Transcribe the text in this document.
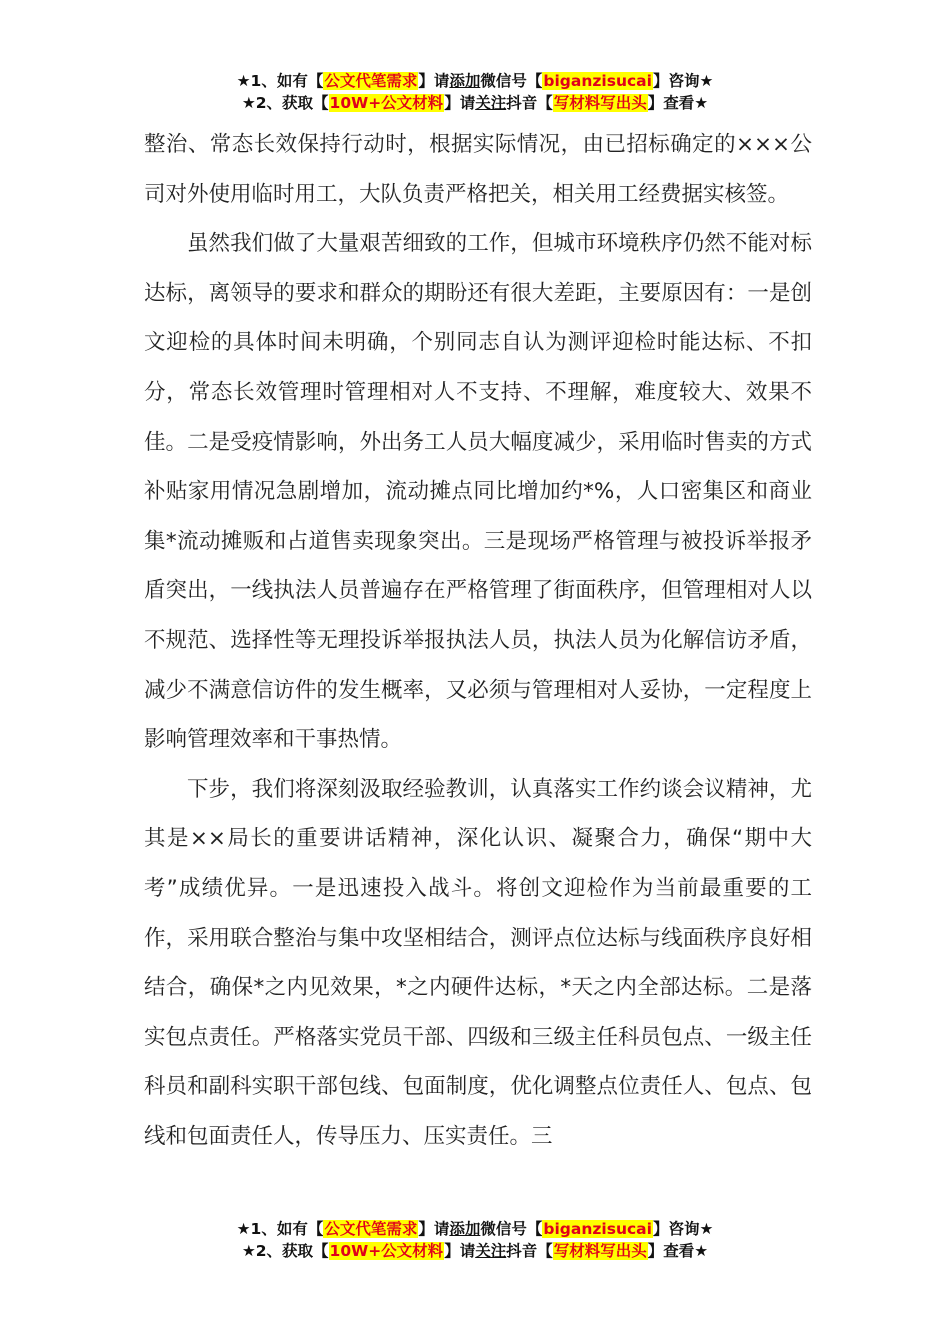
★1、如有【公文代笔需求】请添加微信号【biganzisucai】咨询★
★2、获取【10W+公文材料】请关注抖音【写材料写出头】查看★

整治、常态长效保持行动时，根据实际情况，由已招标确定的×××公司对外使用临时用工，大队负责严格把关，相关用工经费据实核签。

虽然我们做了大量艰苦细致的工作，但城市环境秩序仍然不能对标达标，离领导的要求和群众的期盼还有很大差距，主要原因有：一是创文迎检的具体时间未明确，个别同志自认为测评迎检时能达标、不扣分，常态长效管理时管理相对人不支持、不理解，难度较大、效果不佳。二是受疫情影响，外出务工人员大幅度减少，采用临时售卖的方式补贴家用情况急剧增加，流动摊点同比增加约*%，人口密集区和商业集*流动摊贩和占道售卖现象突出。三是现场严格管理与被投诉举报矛盾突出，一线执法人员普遍存在严格管理了街面秩序，但管理相对人以不规范、选择性等无理投诉举报执法人员，执法人员为化解信访矛盾，减少不满意信访件的发生概率，又必须与管理相对人妥协，一定程度上影响管理效率和干事热情。

下步，我们将深刻汲取经验教训，认真落实工作约谈会议精神，尤其是××局长的重要讲话精神，深化认识、凝聚合力，确保“期中大考”成绩优异。一是迅速投入战斗。将创文迎检作为当前最重要的工作，采用联合整治与集中攻坚相结合，测评点位达标与线面秩序良好相结合，确保*之内见效果，*之内硬件达标，*天之内全部达标。二是落实包点责任。严格落实党员干部、四级和三级主任科员包点、一级主任科员和副科实职干部包线、包面制度，优化调整点位责任人、包点、包线和包面责任人，传导压力、压实责任。三

★1、如有【公文代笔需求】请添加微信号【biganzisucai】咨询★
★2、获取【10W+公文材料】请关注抖音【写材料写出头】查看★
